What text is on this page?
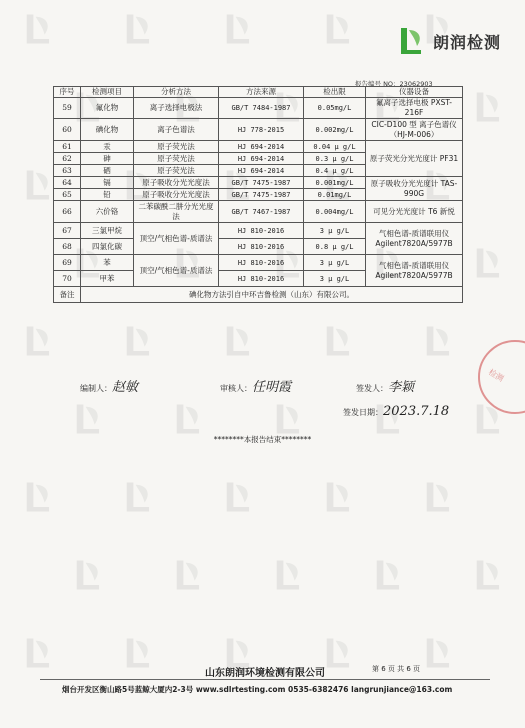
朗润检测
报告编号 NO：23062903
序号	检测项目	分析方法	方法来源	检出限	仪器设备
59	氟化物	离子选择电极法	GB/T 7484-1987	0.05mg/L	氟离子选择电极 PXST-216F
60	碘化物	离子色谱法	HJ 778-2015	0.002mg/L	CIC-D100 型 离子色谱仪（HJ-M-006）
61	汞	原子荧光法	HJ 694-2014	0.04 μ g/L	原子荧光分光光度计 PF31
62	砷	原子荧光法	HJ 694-2014	0.3 μ g/L	
63	硒	原子荧光法	HJ 694-2014	0.4 μ g/L	
64	镉	原子吸收分光光度法	GB/T 7475-1987	0.001mg/L	原子吸收分光光度计 TAS-990G
65	铅	原子吸收分光光度法	GB/T 7475-1987	0.01mg/L	
66	六价铬	二苯碳酰二肼分光光度法	GB/T 7467-1987	0.004mg/L	可见分光光度计 T6 新悦
67	三氯甲烷	顶空/气相色谱-质谱法	HJ 810-2016	3 μ g/L	气相色谱-质谱联用仪 Agilent7820A/5977B
68	四氯化碳		HJ 810-2016	0.8 μ g/L	
69	苯	顶空/气相色谱-质谱法	HJ 810-2016	3 μ g/L	气相色谱-质谱联用仪 Agilent7820A/5977B
70	甲苯		HJ 810-2016	3 μ g/L	
备注	碘化物方法引自中环吉鲁检测（山东）有限公司。				
检测
编制人：赵敏	审核人：任明霞	签发人：李颖
签发日期：2023.7.18
********本报告结束********
山东朗润环境检测有限公司	第 6 页 共 6 页
烟台开发区衡山路5号蓝鲸大厦内2-3号 www.sdlrtesting.com 0535-6382476 langrunjiance@163.com
